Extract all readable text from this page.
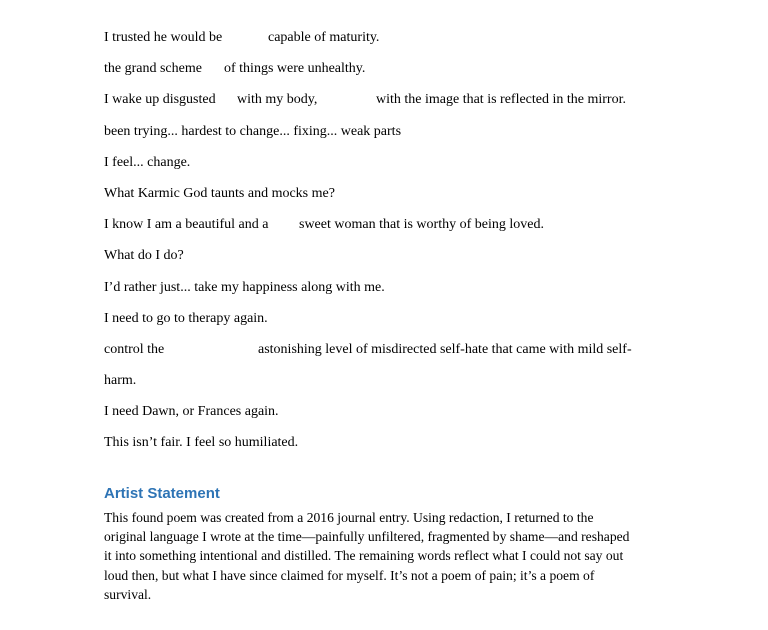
I trusted he would be

	capable of maturity.

the grand scheme

of things were unhealthy.

I wake up disgusted

with my body,

	with the image that is reflected in the mirror.

been trying... hardest to change... fixing... weak parts

I feel... change.

What Karmic God taunts and mocks me?

I know I am a beautiful and a

sweet woman that is worthy of being loved.

What do I do?

I’d rather just... take my happiness along with me.

I need to go to therapy again.

control the

	astonishing level of misdirected self-hate that came with mild self-

harm.

I need Dawn, or Frances again.

This isn’t fair. I feel so humiliated.

Artist Statement
This found poem was created from a 2016 journal entry. Using redaction, I returned to the
original language I wrote at the time—painfully unfiltered, fragmented by shame—and reshaped
it into something intentional and distilled. The remaining words reflect what I could not say out
loud then, but what I have since claimed for myself. It’s not a poem of pain; it’s a poem of
survival.
